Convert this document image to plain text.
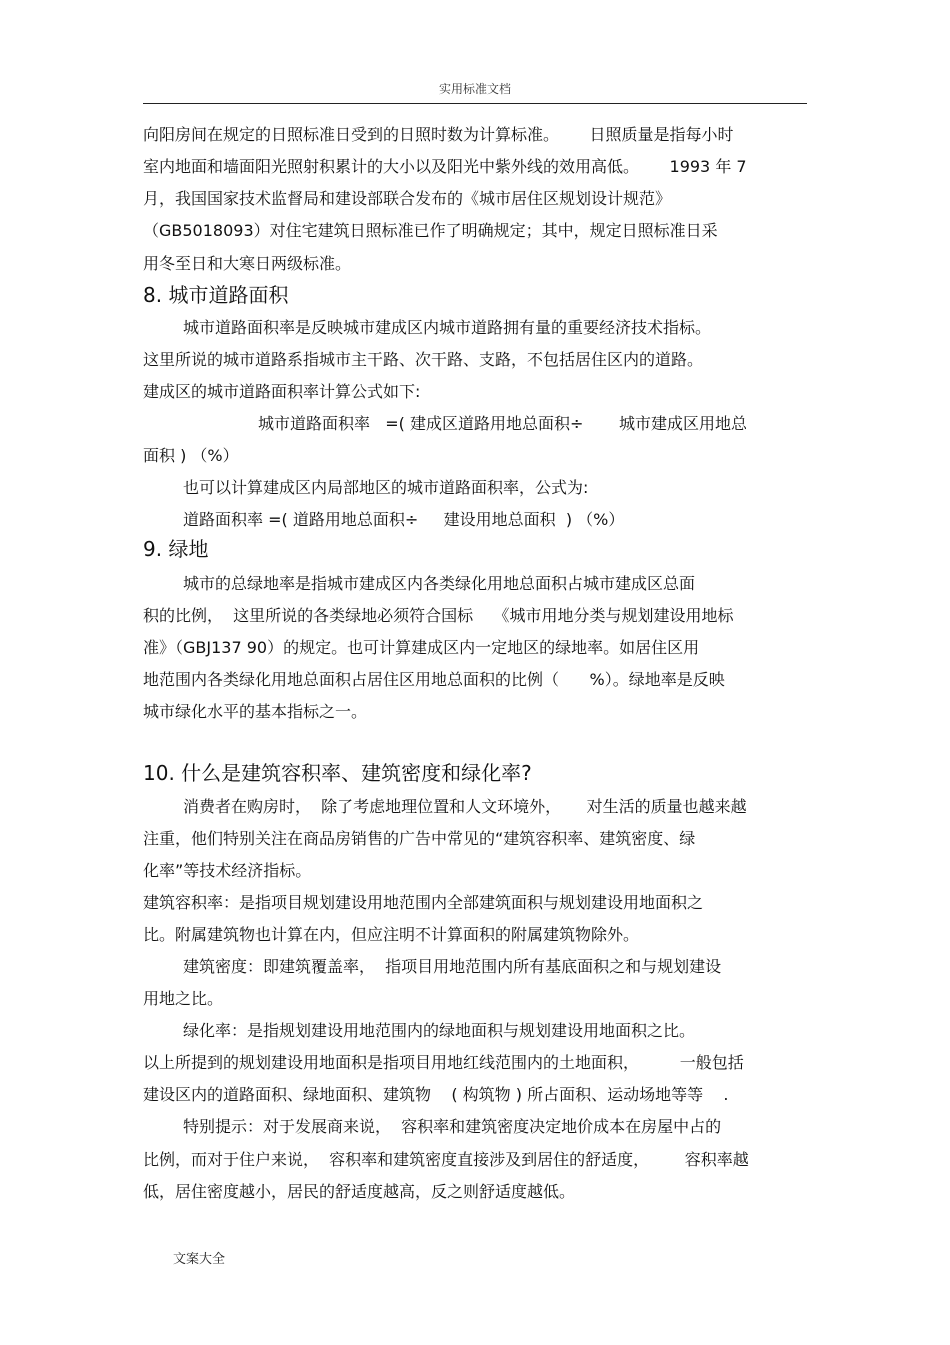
实用标准文档
向阳房间在规定的日照标准日受到的日照时数为计算标准。      日照质量是指每小时
室内地面和墙面阳光照射积累计的大小以及阳光中紫外线的效用高低。      1993 年 7
月，我国国家技术监督局和建设部联合发布的《城市居住区规划设计规范》
（GB5018093）对住宅建筑日照标准已作了明确规定；其中，规定日照标准日采
用冬至日和大寒日两级标准。
8. 城市道路面积
城市道路面积率是反映城市建成区内城市道路拥有量的重要经济技术指标。
这里所说的城市道路系指城市主干路、次干路、支路，不包括居住区内的道路。
建成区的城市道路面积率计算公式如下:
城市道路面积率   =( 建成区道路用地总面积÷       城市建成区用地总
面积 ) （%）
也可以计算建成区内局部地区的城市道路面积率，公式为:
道路面积率 =( 道路用地总面积÷     建设用地总面积  ) （%）
9. 绿地
城市的总绿地率是指城市建成区内各类绿化用地总面积占城市建成区总面
积的比例，  这里所说的各类绿地必须符合国标    《城市用地分类与规划建设用地标
准》（GBJ137 90）的规定。也可计算建成区内一定地区的绿地率。如居住区用
地范围内各类绿化用地总面积占居住区用地总面积的比例（      %）。绿地率是反映
城市绿化水平的基本指标之一。
10. 什么是建筑容积率、建筑密度和绿化率?
消费者在购房时，  除了考虑地理位置和人文环境外，     对生活的质量也越来越
注重，他们特别关注在商品房销售的广告中常见的“建筑容积率、建筑密度、绿
化率”等技术经济指标。
建筑容积率：是指项目规划建设用地范围内全部建筑面积与规划建设用地面积之
比。附属建筑物也计算在内，但应注明不计算面积的附属建筑物除外。
建筑密度：即建筑覆盖率，  指项目用地范围内所有基底面积之和与规划建设
用地之比。
绿化率：是指规划建设用地范围内的绿地面积与规划建设用地面积之比。
以上所提到的规划建设用地面积是指项目用地红线范围内的土地面积，        一般包括
建设区内的道路面积、绿地面积、建筑物    ( 构筑物 ) 所占面积、运动场地等等    .
特别提示：对于发展商来说，  容积率和建筑密度决定地价成本在房屋中占的
比例，而对于住户来说，  容积率和建筑密度直接涉及到居住的舒适度，       容积率越
低，居住密度越小，居民的舒适度越高，反之则舒适度越低。
文案大全
